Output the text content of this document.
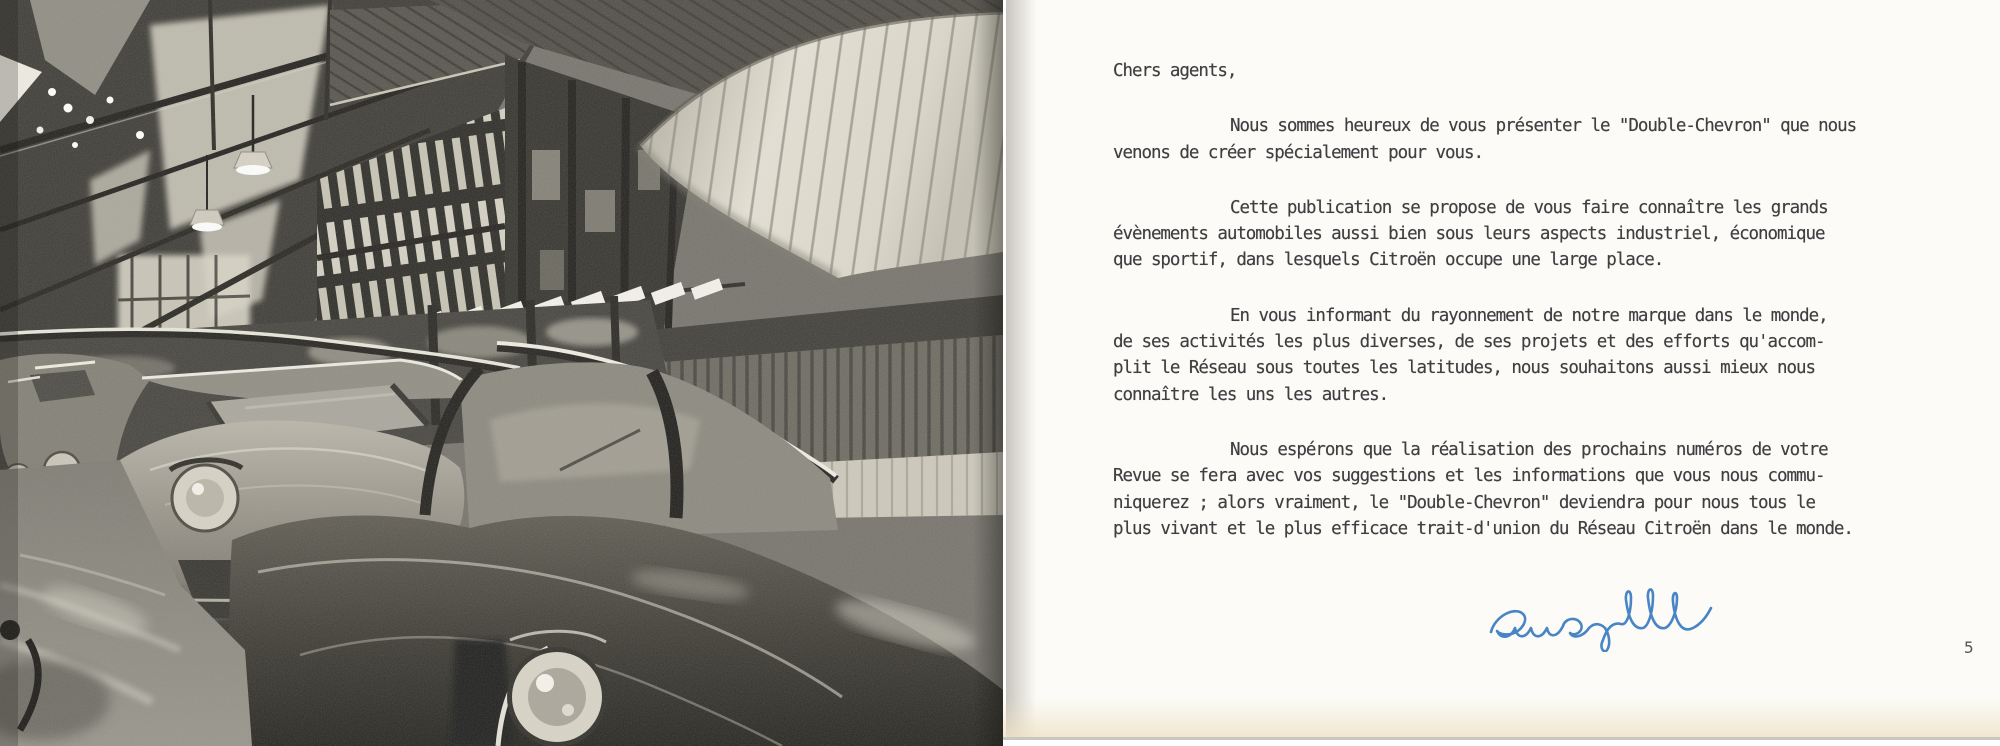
Chers agents,
Nous sommes heureux de vous présenter le "Double-Chevron" que nous
venons de créer spécialement pour vous.
Cette publication se propose de vous faire connaître les grands
évènements automobiles aussi bien sous leurs aspects industriel, économique
que sportif, dans lesquels Citroën occupe une large place.
En vous informant du rayonnement de notre marque dans le monde,
de ses activités les plus diverses, de ses projets et des efforts qu'accom-
plit le Réseau sous toutes les latitudes, nous souhaitons aussi mieux nous
connaître les uns les autres.
Nous espérons que la réalisation des prochains numéros de votre
Revue se fera avec vos suggestions et les informations que vous nous commu-
niquerez ; alors vraiment, le "Double-Chevron" deviendra pour nous tous le
plus vivant et le plus efficace trait-d'union du Réseau Citroën dans le monde.
5
